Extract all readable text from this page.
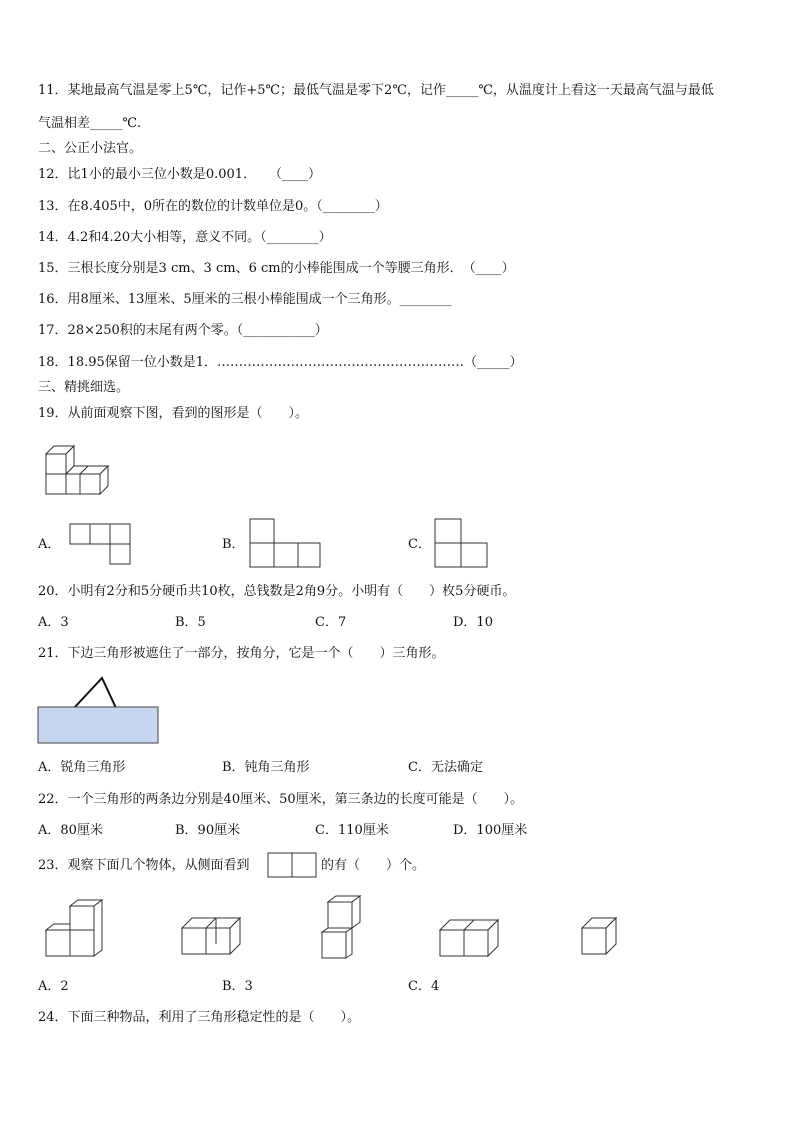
11．某地最高气温是零上5℃，记作+5℃；最低气温是零下2℃，记作_____℃，从温度计上看这一天最高气温与最低
气温相差_____℃.
二、公正小法官。
12．比1小的最小三位小数是0.001．　　（____）
13．在8.405中，0所在的数位的计数单位是0。（________）
14．4.2和4.20大小相等，意义不同。（________）
15．三根长度分别是3 cm、3 cm、6 cm的小棒能围成一个等腰三角形．　（____）
16．用8厘米、13厘米、5厘米的三根小棒能围成一个三角形。________
17．28×250积的末尾有两个零。（___________）
18．18.95保留一位小数是1．…………………………………………………（_____）
三、精挑细选。
19．从前面观察下图，看到的图形是（　　）。
A．	B．	C．
20．小明有2分和5分硬币共10枚，总钱数是2角9分。小明有（　　）枚5分硬币。
A．3	B．5	C．7	D．10
21．下边三角形被遮住了一部分，按角分，它是一个（　　）三角形。
A．锐角三角形	B．钝角三角形	C．无法确定
22．一个三角形的两条边分别是40厘米、50厘米，第三条边的长度可能是（　　）。
A．80厘米	B．90厘米	C．110厘米	D．100厘米
23．观察下面几个物体，从侧面看到	的有（　　）个。
A．2	B．3	C．4
24．下面三种物品，利用了三角形稳定性的是（　　）。
